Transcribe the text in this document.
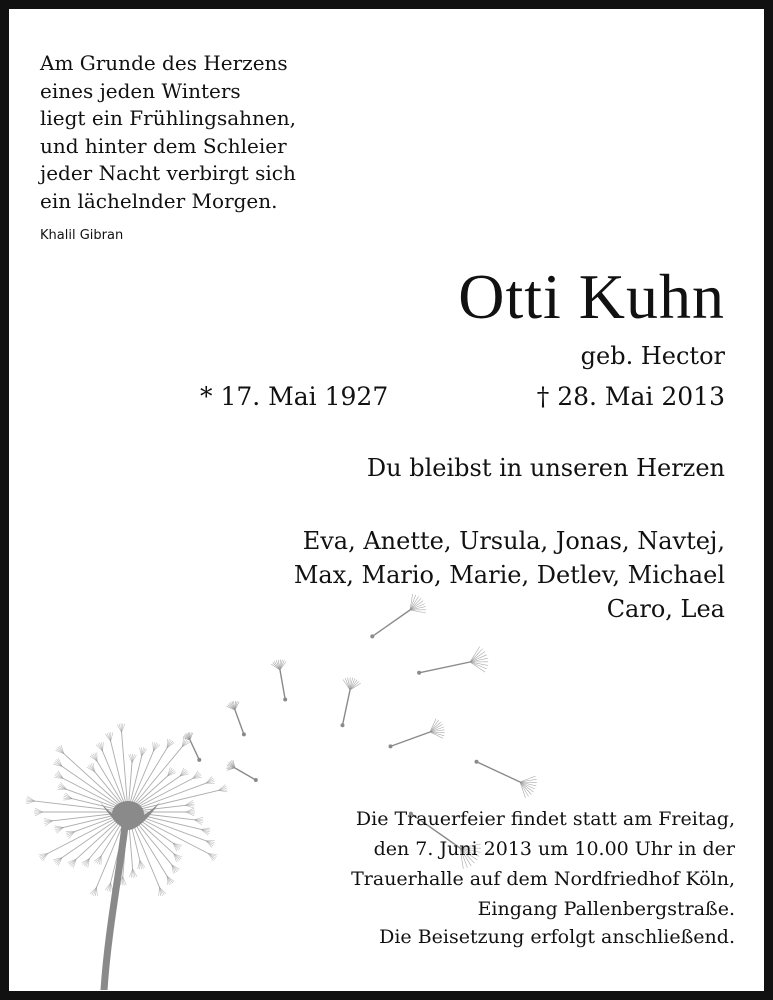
Am Grunde des Herzens
eines jeden Winters
liegt ein Frühlingsahnen,
und hinter dem Schleier
jeder Nacht verbirgt sich
ein lächelnder Morgen.
Khalil Gibran
Otti Kuhn
geb. Hector
* 17. Mai 1927	† 28. Mai 2013
Du bleibst in unseren Herzen
Eva, Anette, Ursula, Jonas, Navtej,
Max, Mario, Marie, Detlev, Michael
Caro, Lea
Die Trauerfeier findet statt am Freitag,
den 7. Juni 2013 um 10.00 Uhr in der
Trauerhalle auf dem Nordfriedhof Köln,
Eingang Pallenbergstraße.
Die Beisetzung erfolgt anschließend.
